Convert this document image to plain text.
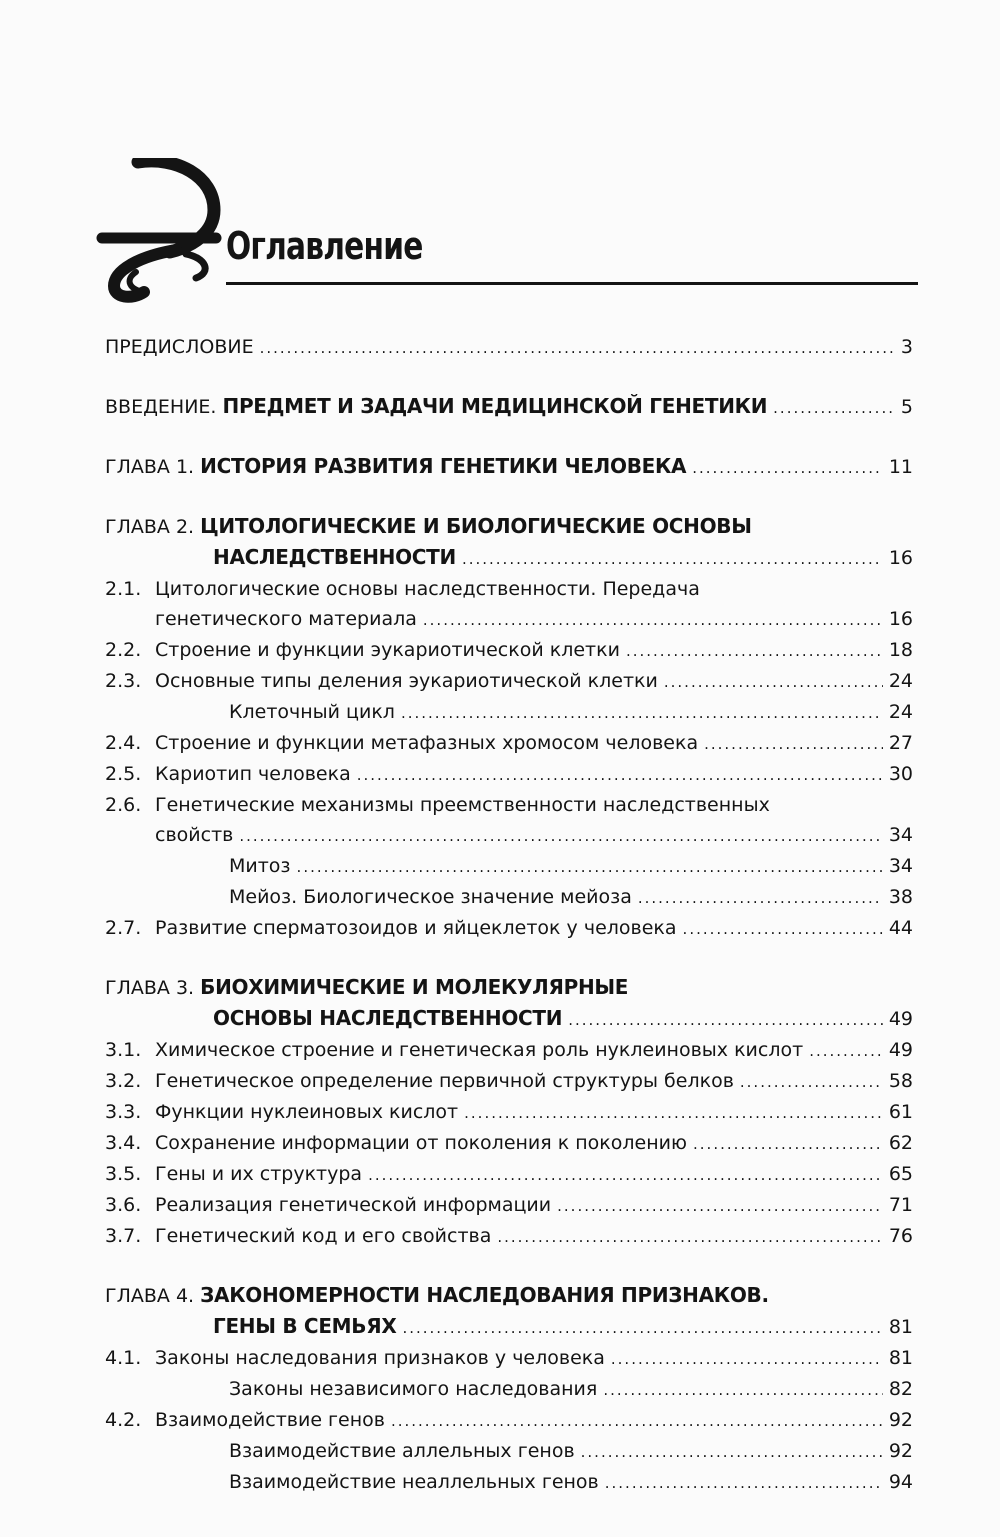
Оглавление
ПРЕДИСЛОВИЕ .....	3
ВВЕДЕНИЕ. ПРЕДМЕТ И ЗАДАЧИ МЕДИЦИНСКОЙ ГЕНЕТИКИ .....	5
ГЛАВА 1. ИСТОРИЯ РАЗВИТИЯ ГЕНЕТИКИ ЧЕЛОВЕКА .....	11
ГЛАВА 2. ЦИТОЛОГИЧЕСКИЕ И БИОЛОГИЧЕСКИЕ ОСНОВЫ
НАСЛЕДСТВЕННОСТИ .....	16
2.1. Цитологические основы наследственности. Передача
генетического материала .....	16
2.2. Строение и функции эукариотической клетки .....	18
2.3. Основные типы деления эукариотической клетки .....	24
Клеточный цикл .....	24
2.4. Строение и функции метафазных хромосом человека .....	27
2.5. Кариотип человека .....	30
2.6. Генетические механизмы преемственности наследственных
свойств .....	34
Митоз .....	34
Мейоз. Биологическое значение мейоза .....	38
2.7. Развитие сперматозоидов и яйцеклеток у человека .....	44
ГЛАВА 3. БИОХИМИЧЕСКИЕ И МОЛЕКУЛЯРНЫЕ
ОСНОВЫ НАСЛЕДСТВЕННОСТИ .....	49
3.1. Химическое строение и генетическая роль нуклеиновых кислот .....	49
3.2. Генетическое определение первичной структуры белков .....	58
3.3. Функции нуклеиновых кислот .....	61
3.4. Сохранение информации от поколения к поколению .....	62
3.5. Гены и их структура .....	65
3.6. Реализация генетической информации .....	71
3.7. Генетический код и его свойства .....	76
ГЛАВА 4. ЗАКОНОМЕРНОСТИ НАСЛЕДОВАНИЯ ПРИЗНАКОВ.
ГЕНЫ В СЕМЬЯХ .....	81
4.1. Законы наследования признаков у человека .....	81
Законы независимого наследования .....	82
4.2. Взаимодействие генов .....	92
Взаимодействие аллельных генов .....	92
Взаимодействие неаллельных генов .....	94
